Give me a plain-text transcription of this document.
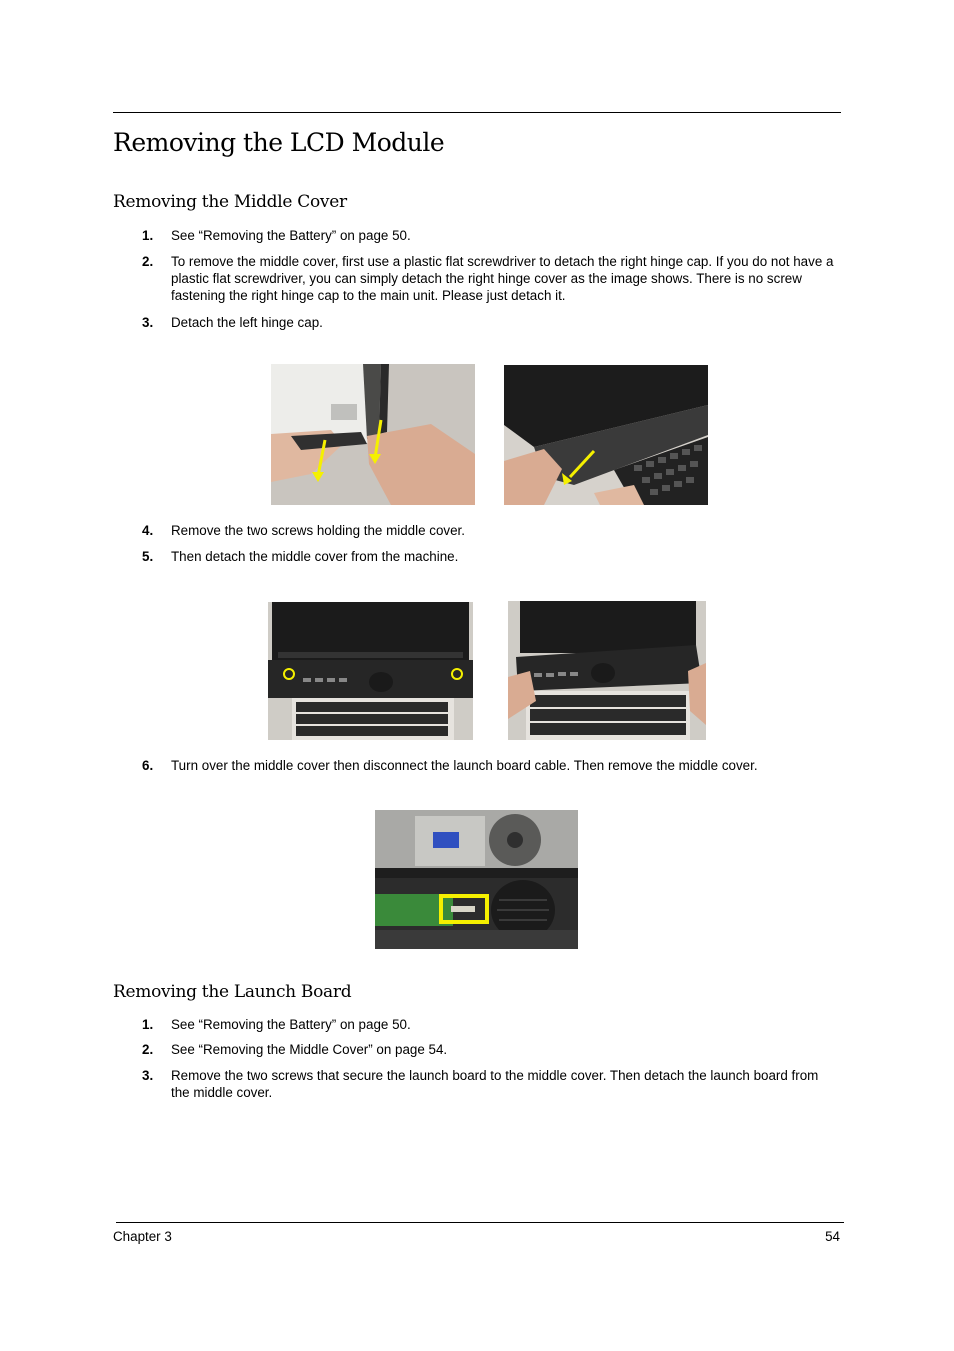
Removing the LCD Module
Removing the Middle Cover
1. See “Removing the Battery” on page 50.
2. To remove the middle cover, first use a plastic flat screwdriver to detach the right hinge cap. If you do not have a plastic flat screwdriver, you can simply detach the right hinge cover as the image shows. There is no screw fastening the right hinge cap to the main unit. Please just detach it.
3. Detach the left hinge cap.
4. Remove the two screws holding the middle cover.
5. Then detach the middle cover from the machine.
6. Turn over the middle cover then disconnect the launch board cable. Then remove the middle cover.
Removing the Launch Board
1. See “Removing the Battery” on page 50.
2. See “Removing the Middle Cover” on page 54.
3. Remove the two screws that secure the launch board to the middle cover. Then detach the launch board from the middle cover.
Chapter 3	54
